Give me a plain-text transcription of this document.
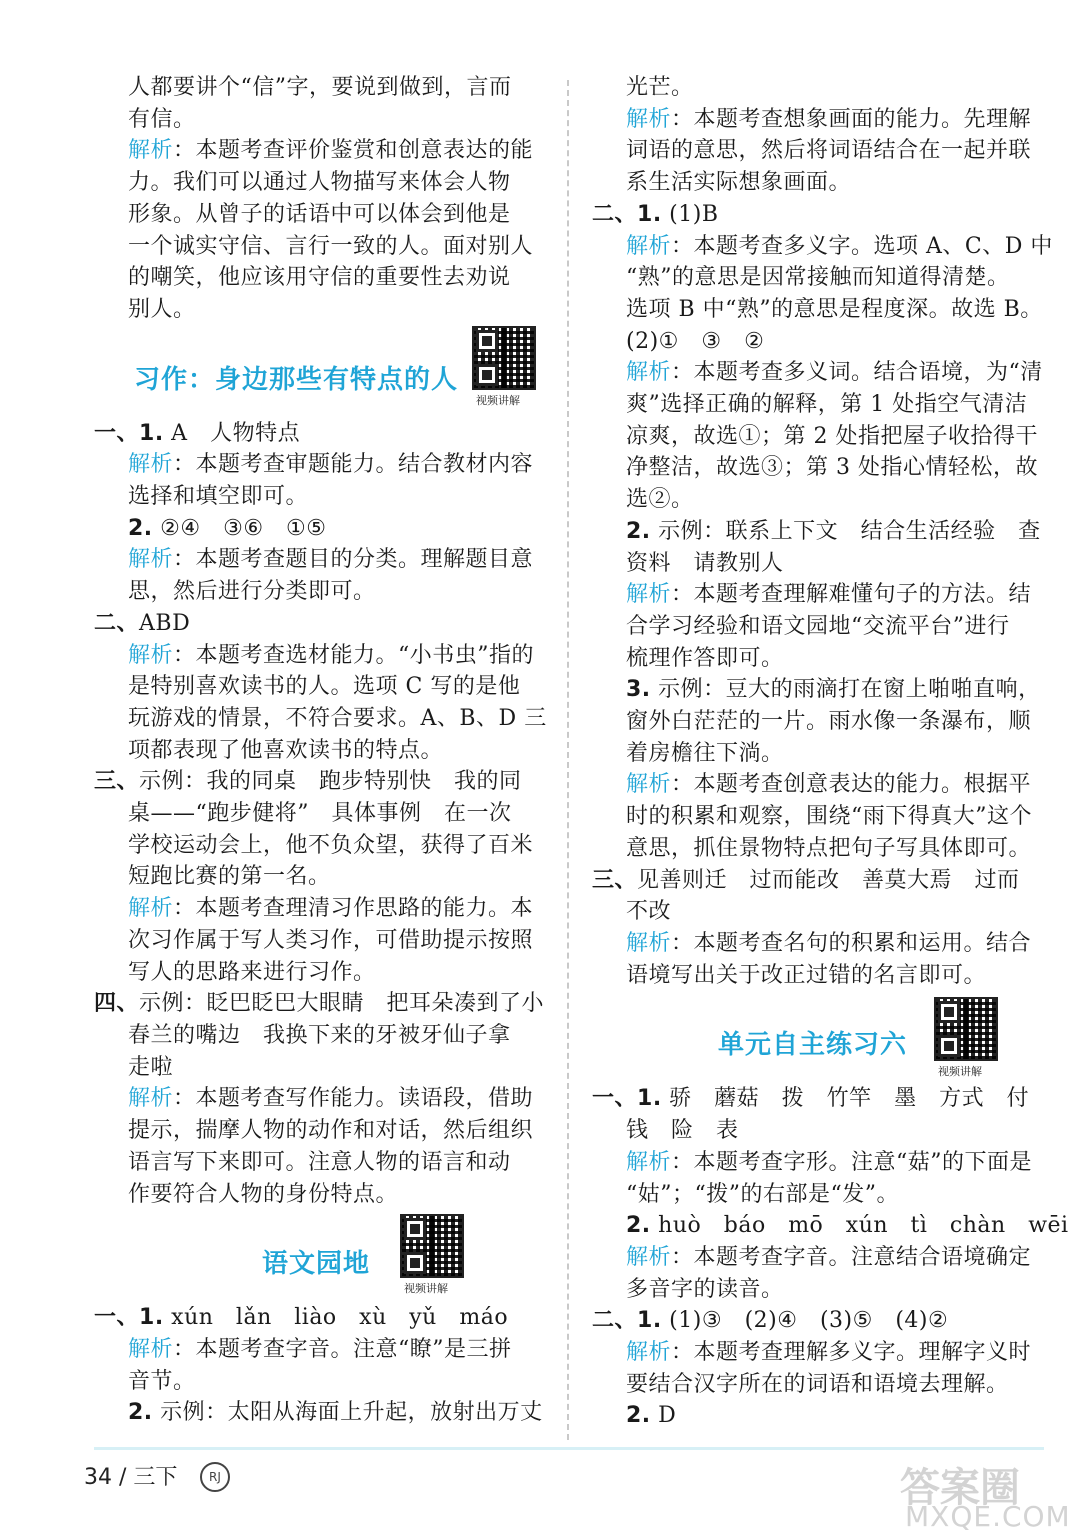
人都要讲个“信”字，要说到做到，言而
有信。
解析：本题考查评价鉴赏和创意表达的能
力。我们可以通过人物描写来体会人物
形象。从曾子的话语中可以体会到他是
一个诚实守信、言行一致的人。面对别人
的嘲笑，他应该用守信的重要性去劝说
别人。
习作：身边那些有特点的人
视频讲解
一、1. A　人物特点
解析：本题考查审题能力。结合教材内容
选择和填空即可。
2. ②④　③⑥　①⑤
解析：本题考查题目的分类。理解题目意
思，然后进行分类即可。
二、ABD
解析：本题考查选材能力。“小书虫”指的
是特别喜欢读书的人。选项 C 写的是他
玩游戏的情景，不符合要求。A、B、D 三
项都表现了他喜欢读书的特点。
三、示例：我的同桌　跑步特别快　我的同
桌——“跑步健将”　具体事例　在一次
学校运动会上，他不负众望，获得了百米
短跑比赛的第一名。
解析：本题考查理清习作思路的能力。本
次习作属于写人类习作，可借助提示按照
写人的思路来进行习作。
四、示例：眨巴眨巴大眼睛　把耳朵凑到了小
春兰的嘴边　我换下来的牙被牙仙子拿
走啦
解析：本题考查写作能力。读语段，借助
提示，揣摩人物的动作和对话，然后组织
语言写下来即可。注意人物的语言和动
作要符合人物的身份特点。
语文园地
视频讲解
一、1. xún　lǎn　liào　xù　yǔ　máo
解析：本题考查字音。注意“瞭”是三拼
音节。
2. 示例：太阳从海面上升起，放射出万丈
光芒。
解析：本题考查想象画面的能力。先理解
词语的意思，然后将词语结合在一起并联
系生活实际想象画面。
二、1. (1)B
解析：本题考查多义字。选项 A、C、D 中
“熟”的意思是因常接触而知道得清楚。
选项 B 中“熟”的意思是程度深。故选 B。
(2)①　③　②
解析：本题考查多义词。结合语境，为“清
爽”选择正确的解释，第 1 处指空气清洁
凉爽，故选①；第 2 处指把屋子收拾得干
净整洁，故选③；第 3 处指心情轻松，故
选②。
2. 示例：联系上下文　结合生活经验　查
资料　请教别人
解析：本题考查理解难懂句子的方法。结
合学习经验和语文园地“交流平台”进行
梳理作答即可。
3. 示例：豆大的雨滴打在窗上啪啪直响，
窗外白茫茫的一片。雨水像一条瀑布，顺
着房檐往下淌。
解析：本题考查创意表达的能力。根据平
时的积累和观察，围绕“雨下得真大”这个
意思，抓住景物特点把句子写具体即可。
三、见善则迁　过而能改　善莫大焉　过而
不改
解析：本题考查名句的积累和运用。结合
语境写出关于改正过错的名言即可。
单元自主练习六
视频讲解
一、1. 骄　蘑菇　拨　竹竿　墨　方式　付
钱　险　表
解析：本题考查字形。注意“菇”的下面是
“姑”；“拨”的右部是“发”。
2. huò　báo　mō　xún　tì　chàn　wēi
解析：本题考查字音。注意结合语境确定
多音字的读音。
二、1. (1)③　(2)④　(3)⑤　(4)②
解析：本题考查理解多义字。理解字义时
要结合汉字所在的词语和语境去理解。
2. D
34 / 三下	RJ	答案圈
MXQE.COM
